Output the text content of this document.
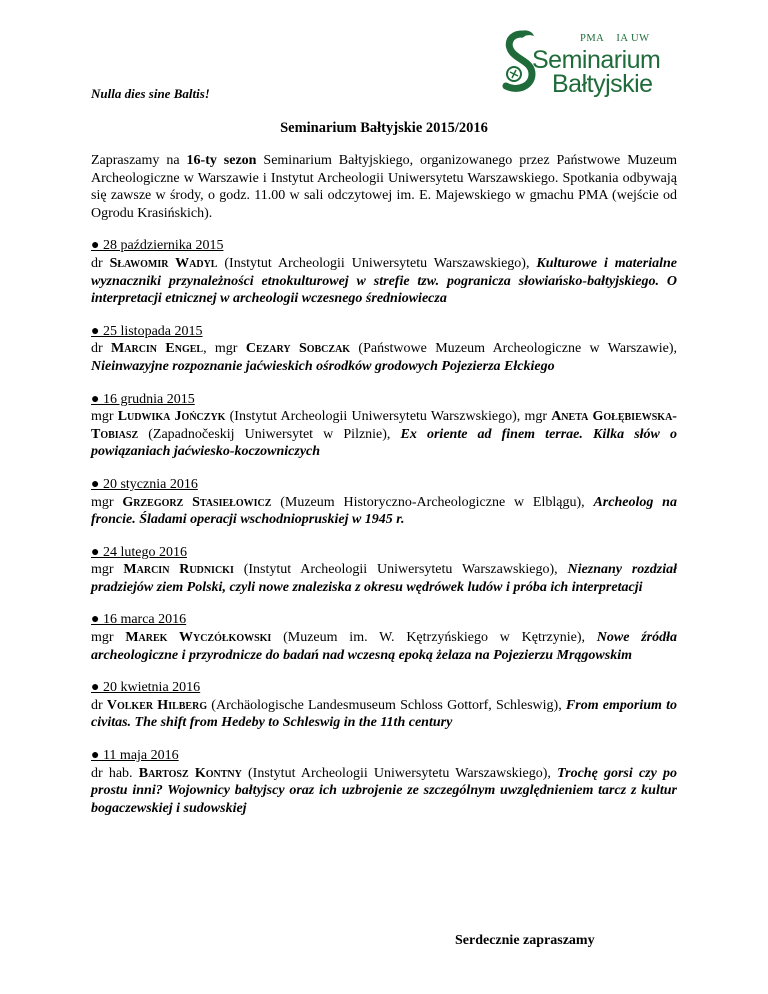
Nulla dies sine Baltis!
PMA IA UW
Seminarium
Bałtyjskie
Seminarium Bałtyjskie 2015/2016

Zapraszamy na 16-ty sezon Seminarium Bałtyjskiego, organizowanego przez Państwowe Muzeum Archeologiczne w Warszawie i Instytut Archeologii Uniwersytetu Warszawskiego. Spotkania odbywają się zawsze w środy, o godz. 11.00 w sali odczytowej im. E. Majewskiego w gmachu PMA (wejście od Ogrodu Krasińskich).

● 28 października 2015
dr Sławomir Wadyl (Instytut Archeologii Uniwersytetu Warszawskiego), Kulturowe i materialne wyznaczniki przynależności etnokulturowej w strefie tzw. pogranicza słowiańsko-bałtyjskiego. O interpretacji etnicznej w archeologii wczesnego średniowiecza
● 25 listopada 2015
dr Marcin Engel, mgr Cezary Sobczak (Państwowe Muzeum Archeologiczne w Warszawie), Nieinwazyjne rozpoznanie jaćwieskich ośrodków grodowych Pojezierza Ełckiego
● 16 grudnia 2015
mgr Ludwika Jończyk (Instytut Archeologii Uniwersytetu Warszwskiego), mgr Aneta Gołębiewska-Tobiasz (Zapadnočeskij Uniwersytet w Pilznie), Ex oriente ad finem terrae. Kilka słów o powiązaniach jaćwiesko-koczowniczych
● 20 stycznia 2016
mgr Grzegorz Stasiełowicz (Muzeum Historyczno-Archeologiczne w Elblągu), Archeolog na froncie. Śladami operacji wschodniopruskiej w 1945 r.
● 24 lutego 2016
mgr Marcin Rudnicki (Instytut Archeologii Uniwersytetu Warszawskiego), Nieznany rozdział pradziejów ziem Polski, czyli nowe znaleziska z okresu wędrówek ludów i próba ich interpretacji
● 16 marca 2016
mgr Marek Wyczółkowski (Muzeum im. W. Kętrzyńskiego w Kętrzynie), Nowe źródła archeologiczne i przyrodnicze do badań nad wczesną epoką żelaza na Pojezierzu Mrągowskim
● 20 kwietnia 2016
dr Volker Hilberg (Archäologische Landesmuseum Schloss Gottorf, Schleswig), From emporium to civitas. The shift from Hedeby to Schleswig in the 11th century
● 11 maja 2016
dr hab. Bartosz Kontny (Instytut Archeologii Uniwersytetu Warszawskiego), Trochę gorsi czy po prostu inni? Wojownicy bałtyjscy oraz ich uzbrojenie ze szczególnym uwzględnieniem tarcz z kultur bogaczewskiej i sudowskiej
Serdecznie zapraszamy
